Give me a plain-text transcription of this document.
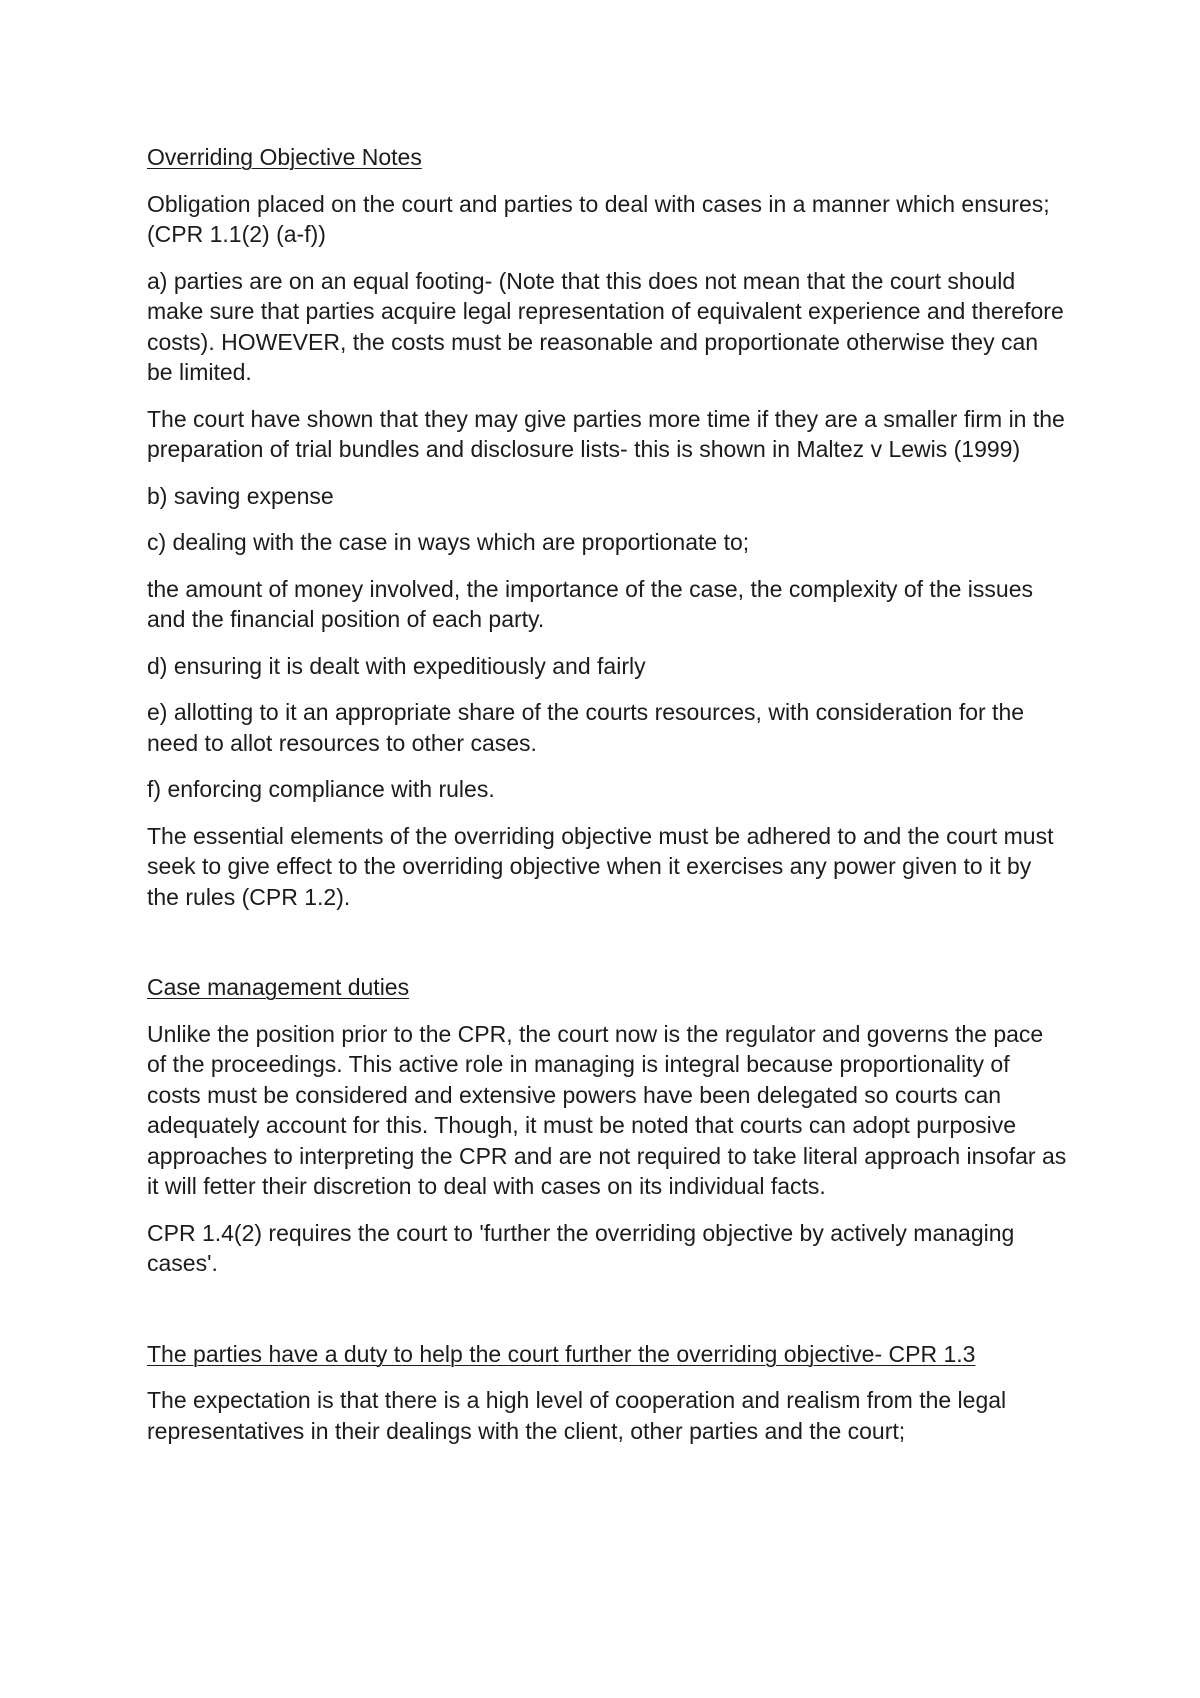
Overriding Objective Notes

Obligation placed on the court and parties to deal with cases in a manner which ensures; (CPR 1.1(2) (a-f))

a) parties are on an equal footing- (Note that this does not mean that the court should make sure that parties acquire legal representation of equivalent experience and therefore costs). HOWEVER, the costs must be reasonable and proportionate otherwise they can be limited.

The court have shown that they may give parties more time if they are a smaller firm in the preparation of trial bundles and disclosure lists- this is shown in Maltez v Lewis (1999)

b) saving expense

c) dealing with the case in ways which are proportionate to;

the amount of money involved, the importance of the case, the complexity of the issues and the financial position of each party.

d) ensuring it is dealt with expeditiously and fairly

e) allotting to it an appropriate share of the courts resources, with consideration for the need to allot resources to other cases.

f) enforcing compliance with rules.

The essential elements of the overriding objective must be adhered to and the court must seek to give effect to the overriding objective when it exercises any power given to it by the rules (CPR 1.2).

Case management duties

Unlike the position prior to the CPR, the court now is the regulator and governs the pace of the proceedings. This active role in managing is integral because proportionality of costs must be considered and extensive powers have been delegated so courts can adequately account for this. Though, it must be noted that courts can adopt purposive approaches to interpreting the CPR and are not required to take literal approach insofar as it will fetter their discretion to deal with cases on its individual facts.

CPR 1.4(2) requires the court to 'further the overriding objective by actively managing cases'.

The parties have a duty to help the court further the overriding objective- CPR 1.3

The expectation is that there is a high level of cooperation and realism from the legal representatives in their dealings with the client, other parties and the court;
